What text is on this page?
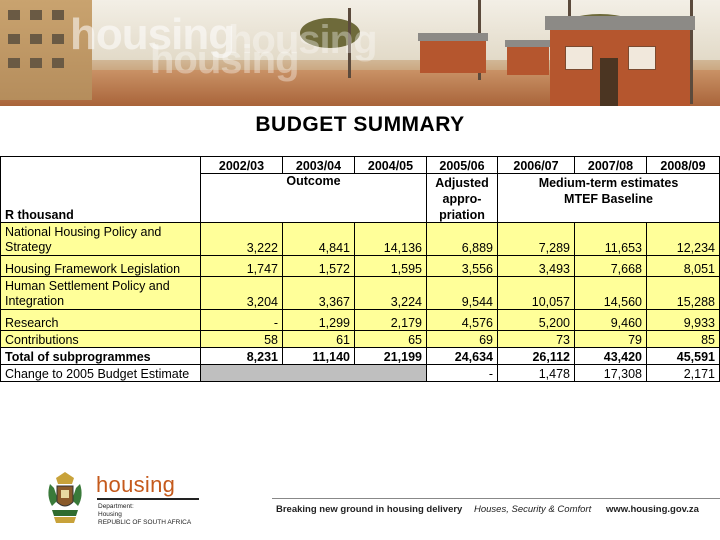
housing
housing
housing
BUDGET SUMMARY
R thousand	2002/03	2003/04	2004/05	2005/06	2006/07	2007/08	2008/09
	Outcome			Adjusted	Medium-term estimates		
				appro-	MTEF Baseline		
				priation			
National Housing Policy and Strategy	3,222	4,841	14,136	6,889	7,289	11,653	12,234
Housing Framework Legislation	1,747	1,572	1,595	3,556	3,493	7,668	8,051
Human Settlement Policy and Integration	3,204	3,367	3,224	9,544	10,057	14,560	15,288
Research	-	1,299	2,179	4,576	5,200	9,460	9,933
Contributions	58	61	65	69	73	79	85
Total of subprogrammes	8,231	11,140	21,199	24,634	26,112	43,420	45,591
Change to 2005 Budget Estimate				-	1,478	17,308	2,171
housing
Department:
Housing
REPUBLIC OF SOUTH AFRICA
Breaking new ground in housing delivery Houses, Security & Comfort www.housing.gov.za
